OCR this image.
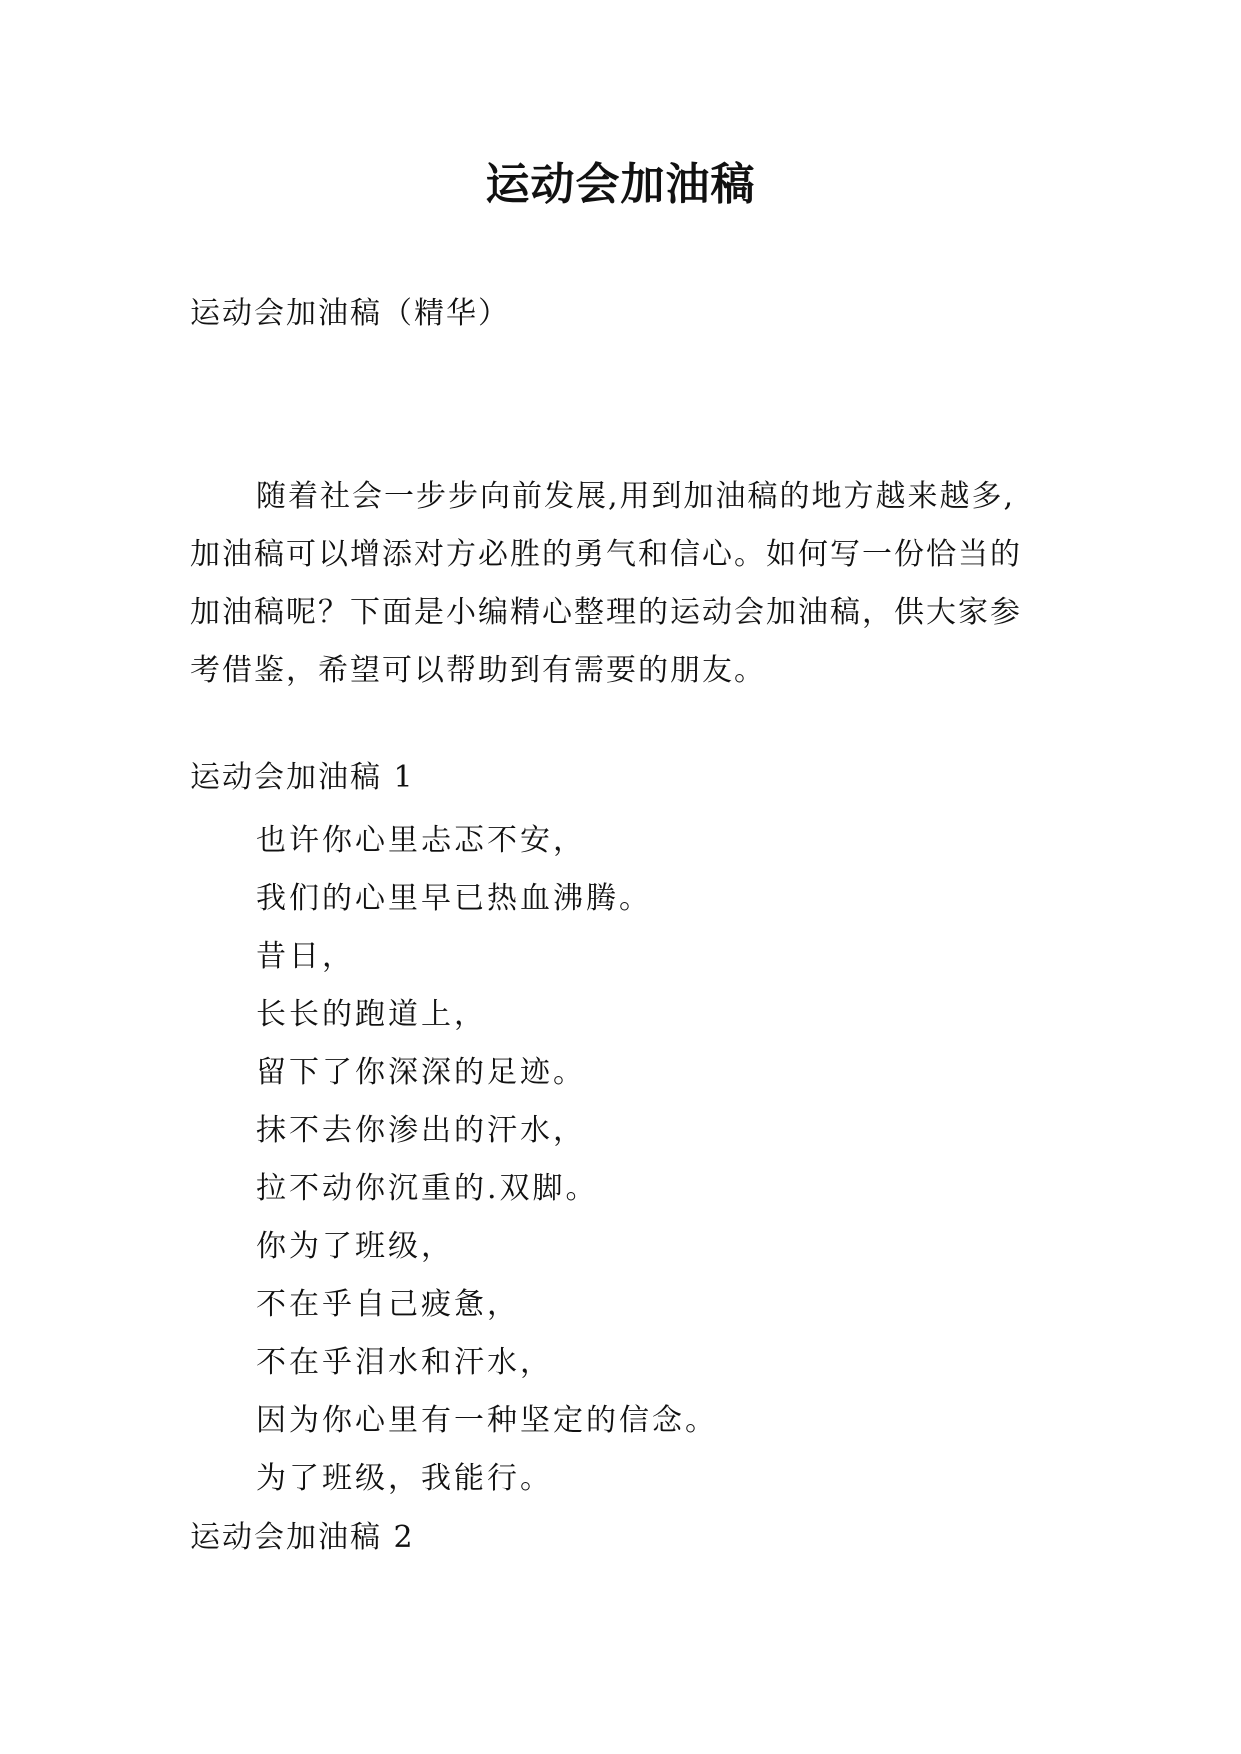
运动会加油稿

运动会加油稿（精华）

随着社会一步步向前发展,用到加油稿的地方越来越多,
加油稿可以增添对方必胜的勇气和信心。如何写一份恰当的
加油稿呢？下面是小编精心整理的运动会加油稿，供大家参
考借鉴，希望可以帮助到有需要的朋友。

运动会加油稿 1

也许你心里忐忑不安，
我们的心里早已热血沸腾。
昔日，
长长的跑道上，
留下了你深深的足迹。
抹不去你渗出的汗水，
拉不动你沉重的.双脚。
你为了班级，
不在乎自己疲惫，
不在乎泪水和汗水，
因为你心里有一种坚定的信念。
为了班级，我能行。

运动会加油稿 2
